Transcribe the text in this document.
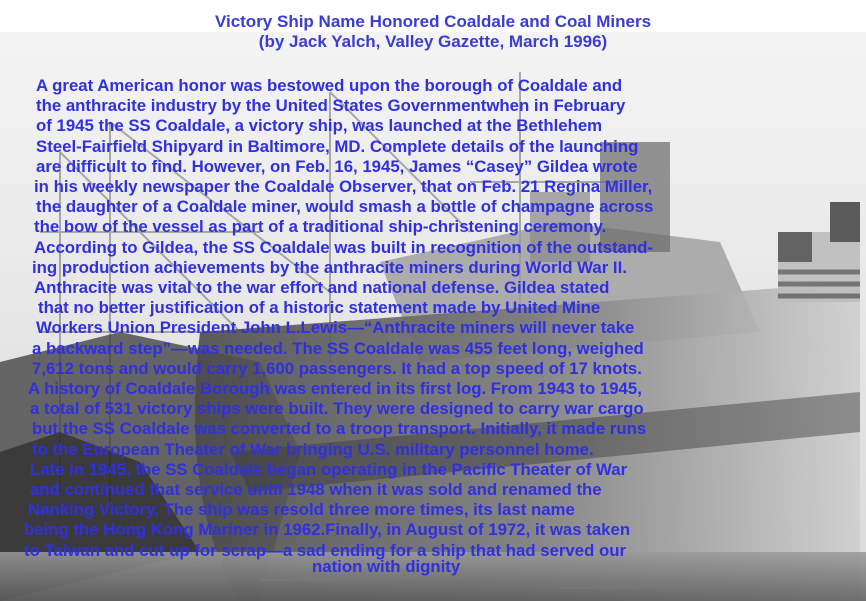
Victory Ship Name Honored Coaldale and Coal Miners
(by Jack Yalch, Valley Gazette, March 1996)
A great American honor was bestowed upon the borough of Coaldale and
the anthracite industry by the United States Governmentwhen in February
of 1945 the SS Coaldale, a victory ship, was launched at the Bethlehem
Steel-Fairfield Shipyard in Baltimore, MD. Complete details of the launching
are difficult to find. However, on Feb. 16, 1945, James “Casey” Gildea wrote
in his weekly newspaper the Coaldale Observer, that on Feb. 21 Regina Miller,
the daughter of a Coaldale miner, would smash a bottle of champagne across
the bow of the vessel as part of a traditional ship-christening ceremony.
According to Gildea, the SS Coaldale was built in recognition of the outstand-
ing production achievements by the anthracite miners during World War II.
Anthracite was vital to the war effort and national defense. Gildea stated
that no better justification of a historic statement made by United Mine
Workers Union President John L.Lewis—“Anthracite miners will never take
a backward step”—was needed. The SS Coaldale was 455 feet long, weighed
7,612 tons and would carry 1,600 passengers. It had a top speed of 17 knots.
A history of Coaldale Borough was entered in its first log. From 1943 to 1945,
a total of 531 victory ships were built. They were designed to carry war cargo
but the SS Coaldale was converted to a troop transport. Initially, it made runs
to the European Theater of War bringing U.S. military personnel home.
Late in 1945, the SS Coaldale began operating in the Pacific Theater of War
and continued that service until 1948 when it was sold and renamed the
Nanking Victory. The ship was resold three more times, its last name
being the Hong Kong Mariner in 1962.Finally, in August of 1972, it was taken
to Taiwan and cut up for scrap—a sad ending for a ship that had served our
nation with dignity
